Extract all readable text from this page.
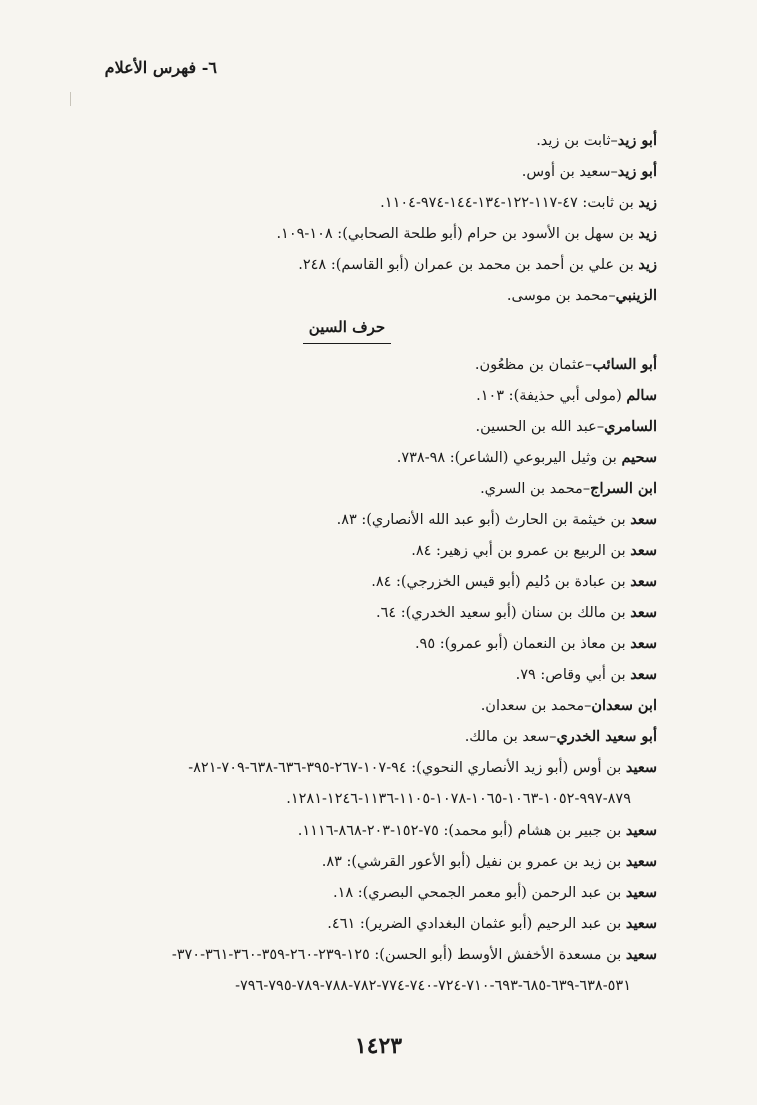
٦- فهرس الأعلام
أبو زيد–ثابت بن زيد.
أبو زيد–سعيد بن أوس.
زيد بن ثابت: ٤٧-١١٧-١٢٢-١٣٤-١٤٤-٩٧٤-١١٠٤.
زيد بن سهل بن الأسود بن حرام (أبو طلحة الصحابي): ١٠٨-١٠٩.
زيد بن علي بن أحمد بن محمد بن عمران (أبو القاسم): ٢٤٨.
الزينبي–محمد بن موسى.
حرف السين
أبو السائب–عثمان بن مظعُون.
سالم (مولى أبي حذيفة): ١٠٣.
السامري–عبد الله بن الحسين.
سحيم بن وثيل اليربوعي (الشاعر): ٩٨-٧٣٨.
ابن السراج–محمد بن السري.
سعد بن خيثمة بن الحارث (أبو عبد الله الأنصاري): ٨٣.
سعد بن الربيع بن عمرو بن أبي زهير: ٨٤.
سعد بن عبادة بن دُليم (أبو قيس الخزرجي): ٨٤.
سعد بن مالك بن سنان (أبو سعيد الخدري): ٦٤.
سعد بن معاذ بن النعمان (أبو عمرو): ٩٥.
سعد بن أبي وقاص: ٧٩.
ابن سعدان–محمد بن سعدان.
أبو سعيد الخدري–سعد بن مالك.
سعيد بن أوس (أبو زيد الأنصاري النحوي): ٩٤-١٠٧-٢٦٧-٣٩٥-٦٣٦-٦٣٨-٧٠٩-٨٢١-
٨٧٩-٩٩٧-١٠٥٢-١٠٦٣-١٠٦٥-١٠٧٨-١١٠٥-١١٣٦-١٢٤٦-١٢٨١.
سعيد بن جبير بن هشام (أبو محمد): ٧٥-١٥٢-٢٠٣-٨٦٨-١١١٦.
سعيد بن زيد بن عمرو بن نفيل (أبو الأعور القرشي): ٨٣.
سعيد بن عبد الرحمن (أبو معمر الجمحي البصري): ١٨.
سعيد بن عبد الرحيم (أبو عثمان البغدادي الضرير): ٤٦١.
سعيد بن مسعدة الأخفش الأوسط (أبو الحسن): ١٢٥-٢٣٩-٢٦٠-٣٥٩-٣٦٠-٣٦١-٣٧٠-
٥٣١-٦٣٨-٦٣٩-٦٨٥-٦٩٣-٧١٠-٧٢٤-٧٤٠-٧٧٤-٧٨٢-٧٨٨-٧٨٩-٧٩٥-٧٩٦-
١٤٢٣
